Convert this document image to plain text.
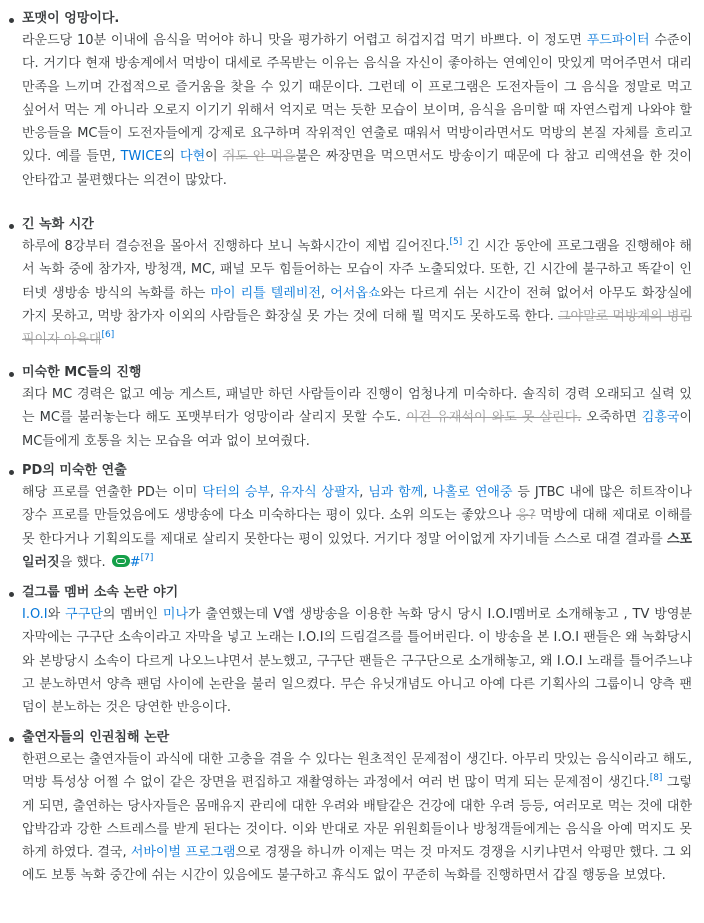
포맷이 엉망이다.
라운드당 10분 이내에 음식을 먹어야 하니 맛을 평가하기 어렵고 허겁지겁 먹기 바쁘다. 이 정도면 푸드파이터 수준이다. 거기다 현재 방송계에서 먹방이 대세로 주목받는 이유는 음식을 자신이 좋아하는 연예인이 맛있게 먹어주면서 대리 만족을 느끼며 간접적으로 즐거움을 찾을 수 있기 때문이다. 그런데 이 프로그램은 도전자들이 그 음식을 정말로 먹고 싶어서 먹는 게 아니라 오로지 이기기 위해서 억지로 먹는 듯한 모습이 보이며, 음식을 음미할 때 자연스럽게 나와야 할 반응들을 MC들이 도전자들에게 강제로 요구하며 작위적인 연출로 때워서 먹방이라면서도 먹방의 본질 자체를 흐리고 있다. 예를 들면, TWICE의 다현이 쥐도 안 먹을불은 짜장면을 먹으면서도 방송이기 때문에 다 참고 리액션을 한 것이 안타깝고 불편했다는 의견이 많았다.
긴 녹화 시간
하루에 8강부터 결승전을 몰아서 진행하다 보니 녹화시간이 제법 길어진다.[5] 긴 시간 동안에 프로그램을 진행해야 해서 녹화 중에 참가자, 방청객, MC, 패널 모두 힘들어하는 모습이 자주 노출되었다. 또한, 긴 시간에 불구하고 똑같이 인터넷 생방송 방식의 녹화를 하는 마이 리틀 텔레비전, 어서옵쇼와는 다르게 쉬는 시간이 전혀 없어서 아무도 화장실에 가지 못하고, 먹방 참가자 이외의 사람들은 화장실 못 가는 것에 더해 뭘 먹지도 못하도록 한다. 그야말로 먹방계의 병림픽이자 아육대[6]
미숙한 MC들의 진행
죄다 MC 경력은 없고 예능 게스트, 패널만 하던 사람들이라 진행이 엄청나게 미숙하다. 솔직히 경력 오래되고 실력 있는 MC를 불러놓는다 해도 포맷부터가 엉망이라 살리지 못할 수도. 이건 유재석이 와도 못 살린다. 오죽하면 김흥국이 MC들에게 호통을 치는 모습을 여과 없이 보여줬다.
PD의 미숙한 연출
해당 프로를 연출한 PD는 이미 닥터의 승부, 유자식 상팔자, 님과 함께, 나홀로 연애중 등 JTBC 내에 많은 히트작이나 장수 프로를 만들었음에도 생방송에 다소 미숙하다는 평이 있다. 소위 의도는 좋았으나 응? 먹방에 대해 제대로 이해를 못 한다거나 기획의도를 제대로 살리지 못한다는 평이 있었다. 거기다 정말 어이없게 자기네들 스스로 대결 결과를 스포일러짓을 했다. #[7]
걸그룹 멤버 소속 논란 야기
I.O.I와 구구단의 멤버인 미나가 출연했는데 V앱 생방송을 이용한 녹화 당시 당시 I.O.I멤버로 소개해놓고 , TV 방영분 자막에는 구구단 소속이라고 자막을 넣고 노래는 I.O.I의 드림걸즈를 틀어버린다. 이 방송을 본 I.O.I 팬들은 왜 녹화당시와 본방당시 소속이 다르게 나오느냐면서 분노했고, 구구단 팬들은 구구단으로 소개해놓고, 왜 I.O.I 노래를 틀어주느냐고 분노하면서 양측 팬덤 사이에 논란을 불러 일으켰다. 무슨 유닛개념도 아니고 아예 다른 기획사의 그룹이니 양측 팬덤이 분노하는 것은 당연한 반응이다.
출연자들의 인권침해 논란
한편으로는 출연자들이 과식에 대한 고충을 겪을 수 있다는 원초적인 문제점이 생긴다. 아무리 맛있는 음식이라고 해도, 먹방 특성상 어쩔 수 없이 같은 장면을 편집하고 재촬영하는 과정에서 여러 번 많이 먹게 되는 문제점이 생긴다.[8] 그렇게 되면, 출연하는 당사자들은 몸매유지 관리에 대한 우려와 배탈같은 건강에 대한 우려 등등, 여러모로 먹는 것에 대한 압박감과 강한 스트레스를 받게 된다는 것이다. 이와 반대로 자문 위원회들이나 방청객들에게는 음식을 아예 먹지도 못하게 하였다. 결국, 서바이벌 프로그램으로 경쟁을 하니까 이제는 먹는 것 마저도 경쟁을 시키냐면서 악평만 했다. 그 외에도 보통 녹화 중간에 쉬는 시간이 있음에도 불구하고 휴식도 없이 꾸준히 녹화를 진행하면서 갑질 행동을 보였다.
